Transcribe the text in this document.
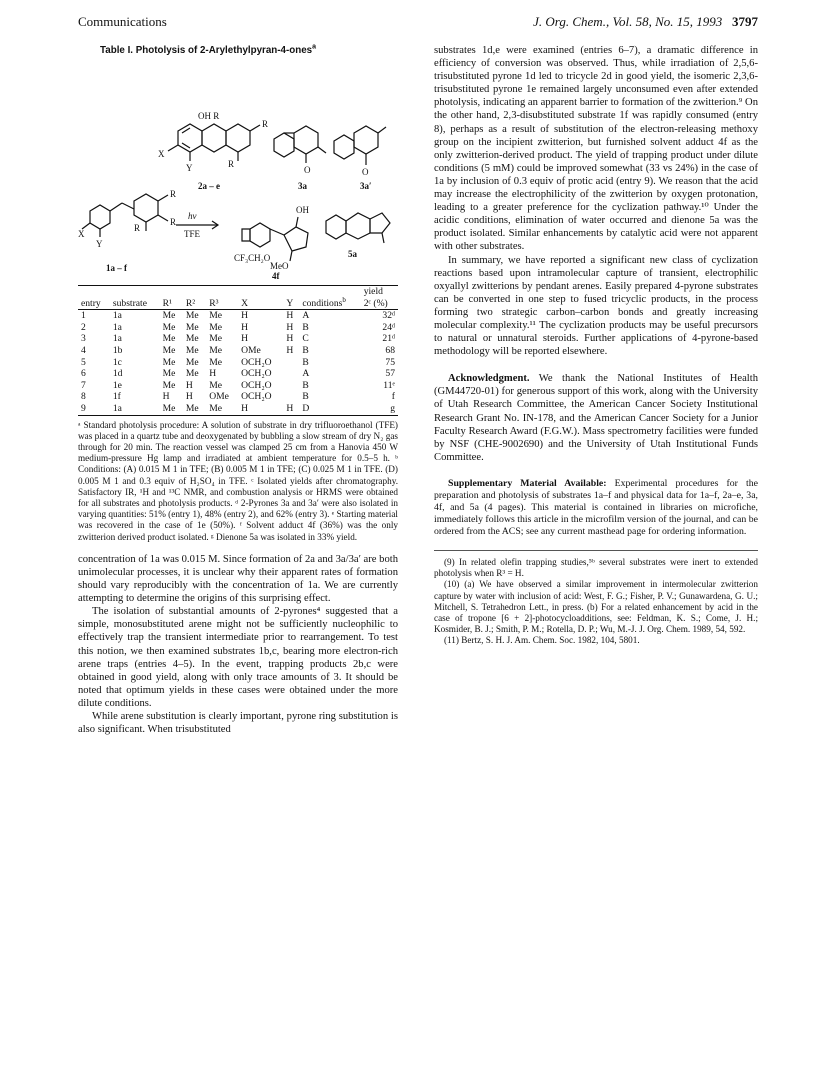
Communications	J. Org. Chem., Vol. 58, No. 15, 1993 3797
Table I. Photolysis of 2-Arylethylpyran-4-ones$^a$
OH R
R
R
X
Y
2a – e	3a	3a′
O	O
R
R
R
X
Y
1a – f
hν
TFE
OH
CF₃CH₂O
MeO
4f
5a
entry	substrate	R¹	R²	R³	X	Y	conditions$^b$	yield
2ᶜ (%)
1	1a	Me	Me	Me	H	H	A	32ᵈ
2	1a	Me	Me	Me	H	H	B	24ᵈ
3	1a	Me	Me	Me	H	H	C	21ᵈ
4	1b	Me	Me	Me	OMe	H	B	68
5	1c	Me	Me	Me	OCH₂O		B	75
6	1d	Me	Me	H	OCH₂O		A	57
7	1e	Me	H	Me	OCH₂O		B	11ᵉ
8	1f	H	H	OMe	OCH₂O		B	f
9	1a	Me	Me	Me	H	H	D	g
ᵃ Standard photolysis procedure: A solution of substrate in dry trifluoroethanol (TFE) was placed in a quartz tube and deoxygenated by bubbling a slow stream of dry N₂ gas through for 20 min. The reaction vessel was clamped 25 cm from a Hanovia 450 W medium-pressure Hg lamp and irradiated at ambient temperature for 0.5–5 h. ᵇ Conditions: (A) 0.015 M 1 in TFE; (B) 0.005 M 1 in TFE; (C) 0.025 M 1 in TFE. (D) 0.005 M 1 and 0.3 equiv of H₂SO₄ in TFE. ᶜ Isolated yields after chromatography. Satisfactory IR, ¹H and ¹³C NMR, and combustion analysis or HRMS were obtained for all substrates and photolysis products. ᵈ 2-Pyrones 3a and 3a′ were also isolated in varying quantities: 51% (entry 1), 48% (entry 2), and 62% (entry 3). ᵉ Starting material was recovered in the case of 1e (50%). ᶠ Solvent adduct 4f (36%) was the only zwitterion derived product isolated. ᵍ Dienone 5a was isolated in 33% yield.

concentration of 1a was 0.015 M. Since formation of 2a and 3a/3a′ are both unimolecular processes, it is unclear why their apparent rates of formation should vary reproducibly with the concentration of 1a. We are currently attempting to determine the origins of this surprising effect.

The isolation of substantial amounts of 2-pyrones⁴ suggested that a simple, monosubstituted arene might not be sufficiently nucleophilic to effectively trap the transient intermediate prior to rearrangement. To test this notion, we then examined substrates 1b,c, bearing more electron-rich arene traps (entries 4–5). In the event, trapping products 2b,c were obtained in good yield, along with only trace amounts of 3. It should be noted that optimum yields in these cases were obtained under the more dilute conditions.

While arene substitution is clearly important, pyrone ring substitution is also significant. When trisubstituted

substrates 1d,e were examined (entries 6–7), a dramatic difference in efficiency of conversion was observed. Thus, while irradiation of 2,5,6-trisubstituted pyrone 1d led to tricycle 2d in good yield, the isomeric 2,3,6-trisubstituted pyrone 1e remained largely unconsumed even after extended photolysis, indicating an apparent barrier to formation of the zwitterion.⁹ On the other hand, 2,3-disubstituted substrate 1f was rapidly consumed (entry 8), perhaps as a result of substitution of the electron-releasing methoxy group on the incipient zwitterion, but furnished solvent adduct 4f as the only zwitterion-derived product. The yield of trapping product under dilute conditions (5 mM) could be improved somewhat (33 vs 24%) in the case of 1a by inclusion of 0.3 equiv of protic acid (entry 9). We reason that the acid may increase the electrophilicity of the zwitterion by oxygen protonation, leading to a greater preference for the cyclization pathway.¹⁰ Under the acidic conditions, elimination of water occurred and dienone 5a was the product isolated. Similar enhancements by catalytic acid were not apparent with other substrates.

In summary, we have reported a significant new class of cyclization reactions based upon intramolecular capture of transient, electrophilic oxyallyl zwitterions by pendant arenes. Easily prepared 4-pyrone substrates can be converted in one step to fused tricyclic products, in the process forming two strategic carbon–carbon bonds and greatly increasing molecular complexity.¹¹ The cyclization products may be useful precursors to natural or unnatural steroids. Further applications of 4-pyrone-based methodology will be reported elsewhere.

Acknowledgment. We thank the National Institutes of Health (GM44720-01) for generous support of this work, along with the University of Utah Research Committee, the American Cancer Society Institutional Research Grant No. IN-178, and the American Cancer Society for a Junior Faculty Research Award (F.G.W.). Mass spectrometry facilities were funded by NSF (CHE-9002690) and the University of Utah Institutional Funds Committee.

Supplementary Material Available: Experimental procedures for the preparation and photolysis of substrates 1a–f and physical data for 1a–f, 2a–e, 3a, 4f, and 5a (4 pages). This material is contained in libraries on microfiche, immediately follows this article in the microfilm version of the journal, and can be ordered from the ACS; see any current masthead page for ordering information.

(9) In related olefin trapping studies,⁵ᵇ several substrates were inert to extended photolysis when R³ = H.

(10) (a) We have observed a similar improvement in intermolecular zwitterion capture by water with inclusion of acid: West, F. G.; Fisher, P. V.; Gunawardena, G. U.; Mitchell, S. Tetrahedron Lett., in press. (b) For a related enhancement by acid in the case of tropone [6 + 2]-photocycloadditions, see: Feldman, K. S.; Come, J. H.; Kosmider, B. J.; Smith, P. M.; Rotella, D. P.; Wu, M.-J. J. Org. Chem. 1989, 54, 592.

(11) Bertz, S. H. J. Am. Chem. Soc. 1982, 104, 5801.
